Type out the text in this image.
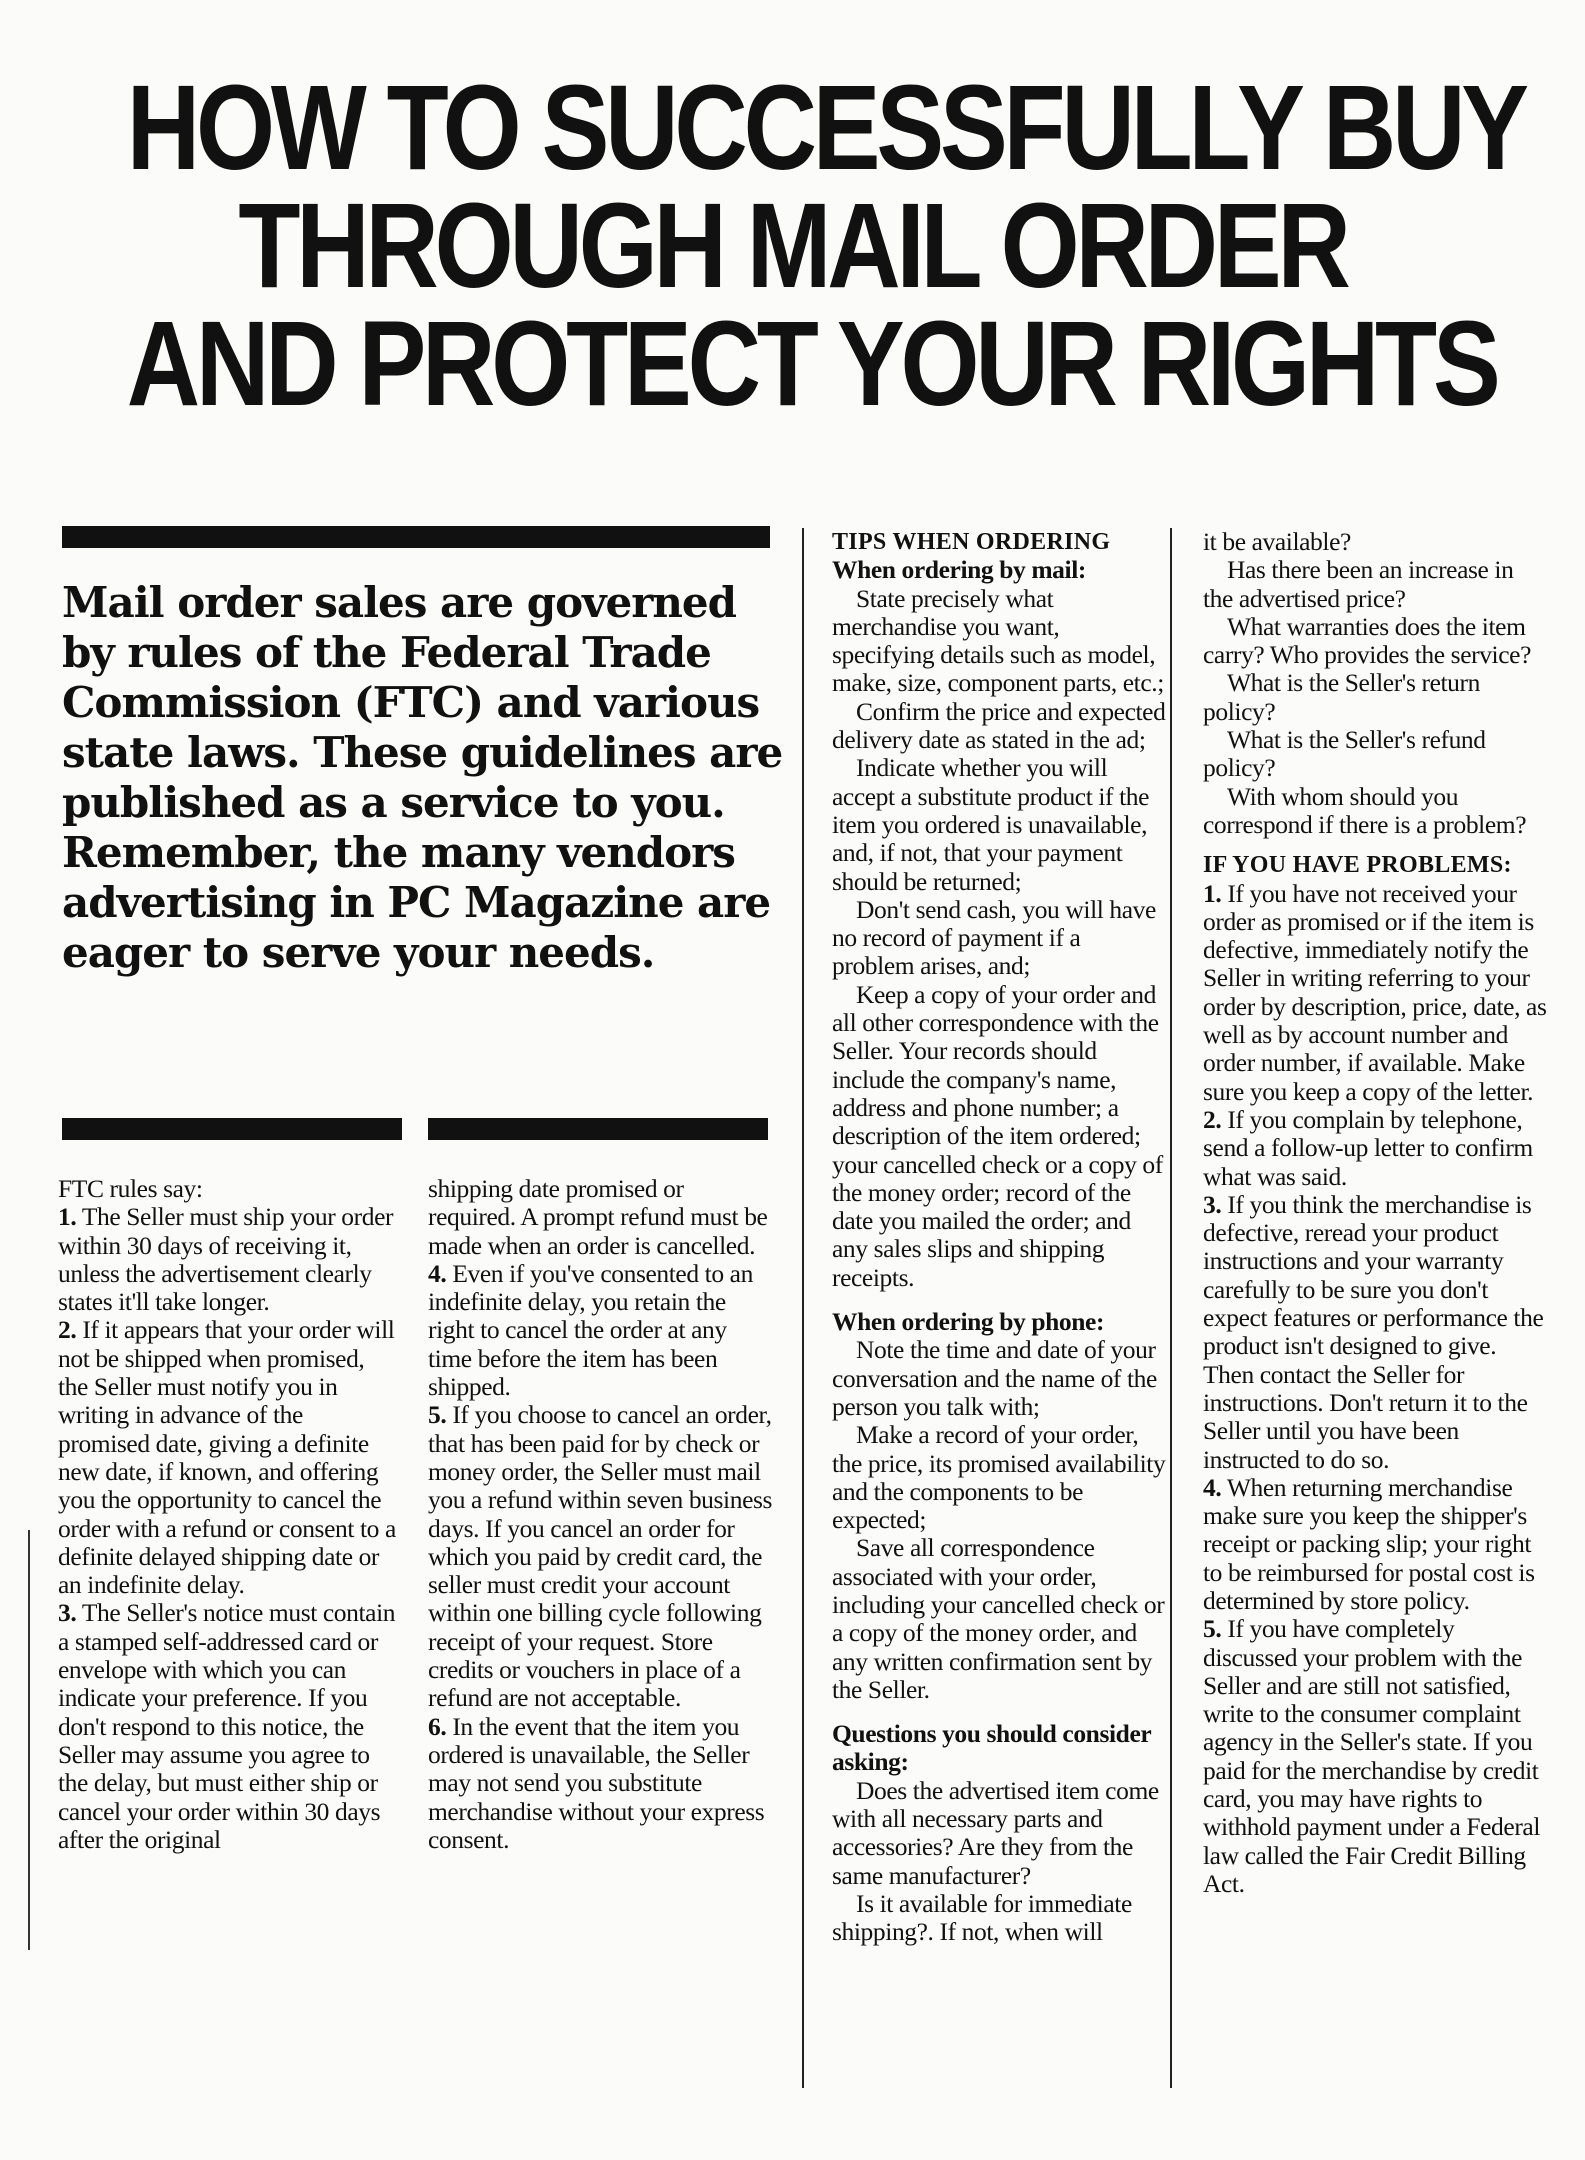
HOW TO SUCCESSFULLY BUY
THROUGH MAIL ORDER
AND PROTECT YOUR RIGHTS
Mail order sales are governed by rules of the Federal Trade Commission (FTC) and various state laws. These guidelines are published as a service to you. Remember, the many vendors advertising in PC Magazine are eager to serve your needs.

FTC rules say:

1. The Seller must ship your order within 30 days of receiving it, unless the advertisement clearly states it'll take longer.

2. If it appears that your order will not be shipped when promised, the Seller must notify you in writing in advance of the promised date, giving a definite new date, if known, and offering you the opportunity to cancel the order with a refund or consent to a definite delayed shipping date or an indefinite delay.

3. The Seller's notice must contain a stamped self-addressed card or envelope with which you can indicate your preference. If you don't respond to this notice, the Seller may assume you agree to the delay, but must either ship or cancel your order within 30 days after the original

shipping date promised or required. A prompt refund must be made when an order is cancelled.

4. Even if you've consented to an indefinite delay, you retain the right to cancel the order at any time before the item has been shipped.

5. If you choose to cancel an order, that has been paid for by check or money order, the Seller must mail you a refund within seven business days. If you cancel an order for which you paid by credit card, the seller must credit your account within one billing cycle following receipt of your request. Store credits or vouchers in place of a refund are not acceptable.

6. In the event that the item you ordered is unavailable, the Seller may not send you substitute merchandise without your express consent.

TIPS WHEN ORDERING

When ordering by mail:

State precisely what merchandise you want, specifying details such as model, make, size, component parts, etc.;

Confirm the price and expected delivery date as stated in the ad;

Indicate whether you will accept a substitute product if the item you ordered is unavailable, and, if not, that your payment should be returned;

Don't send cash, you will have no record of payment if a problem arises, and;

Keep a copy of your order and all other correspondence with the Seller. Your records should include the company's name, address and phone number; a description of the item ordered; your cancelled check or a copy of the money order; record of the date you mailed the order; and any sales slips and shipping receipts.

When ordering by phone:

Note the time and date of your conversation and the name of the person you talk with;

Make a record of your order, the price, its promised availability and the components to be expected;

Save all correspondence associated with your order, including your cancelled check or a copy of the money order, and any written confirmation sent by the Seller.

Questions you should consider asking:

Does the advertised item come with all necessary parts and accessories? Are they from the same manufacturer?

Is it available for immediate shipping?. If not, when will

it be available?

Has there been an increase in the advertised price?

What warranties does the item carry? Who provides the service?

What is the Seller's return policy?

What is the Seller's refund policy?

With whom should you correspond if there is a problem?

IF YOU HAVE PROBLEMS:

1. If you have not received your order as promised or if the item is defective, immediately notify the Seller in writing referring to your order by description, price, date, as well as by account number and order number, if available. Make sure you keep a copy of the letter.

2. If you complain by telephone, send a follow-up letter to confirm what was said.

3. If you think the merchandise is defective, reread your product instructions and your warranty carefully to be sure you don't expect features or performance the product isn't designed to give. Then contact the Seller for instructions. Don't return it to the Seller until you have been instructed to do so.

4. When returning merchandise make sure you keep the shipper's receipt or packing slip; your right to be reimbursed for postal cost is determined by store policy.

5. If you have completely discussed your problem with the Seller and are still not satisfied, write to the consumer complaint agency in the Seller's state. If you paid for the merchandise by credit card, you may have rights to withhold payment under a Federal law called the Fair Credit Billing Act.
